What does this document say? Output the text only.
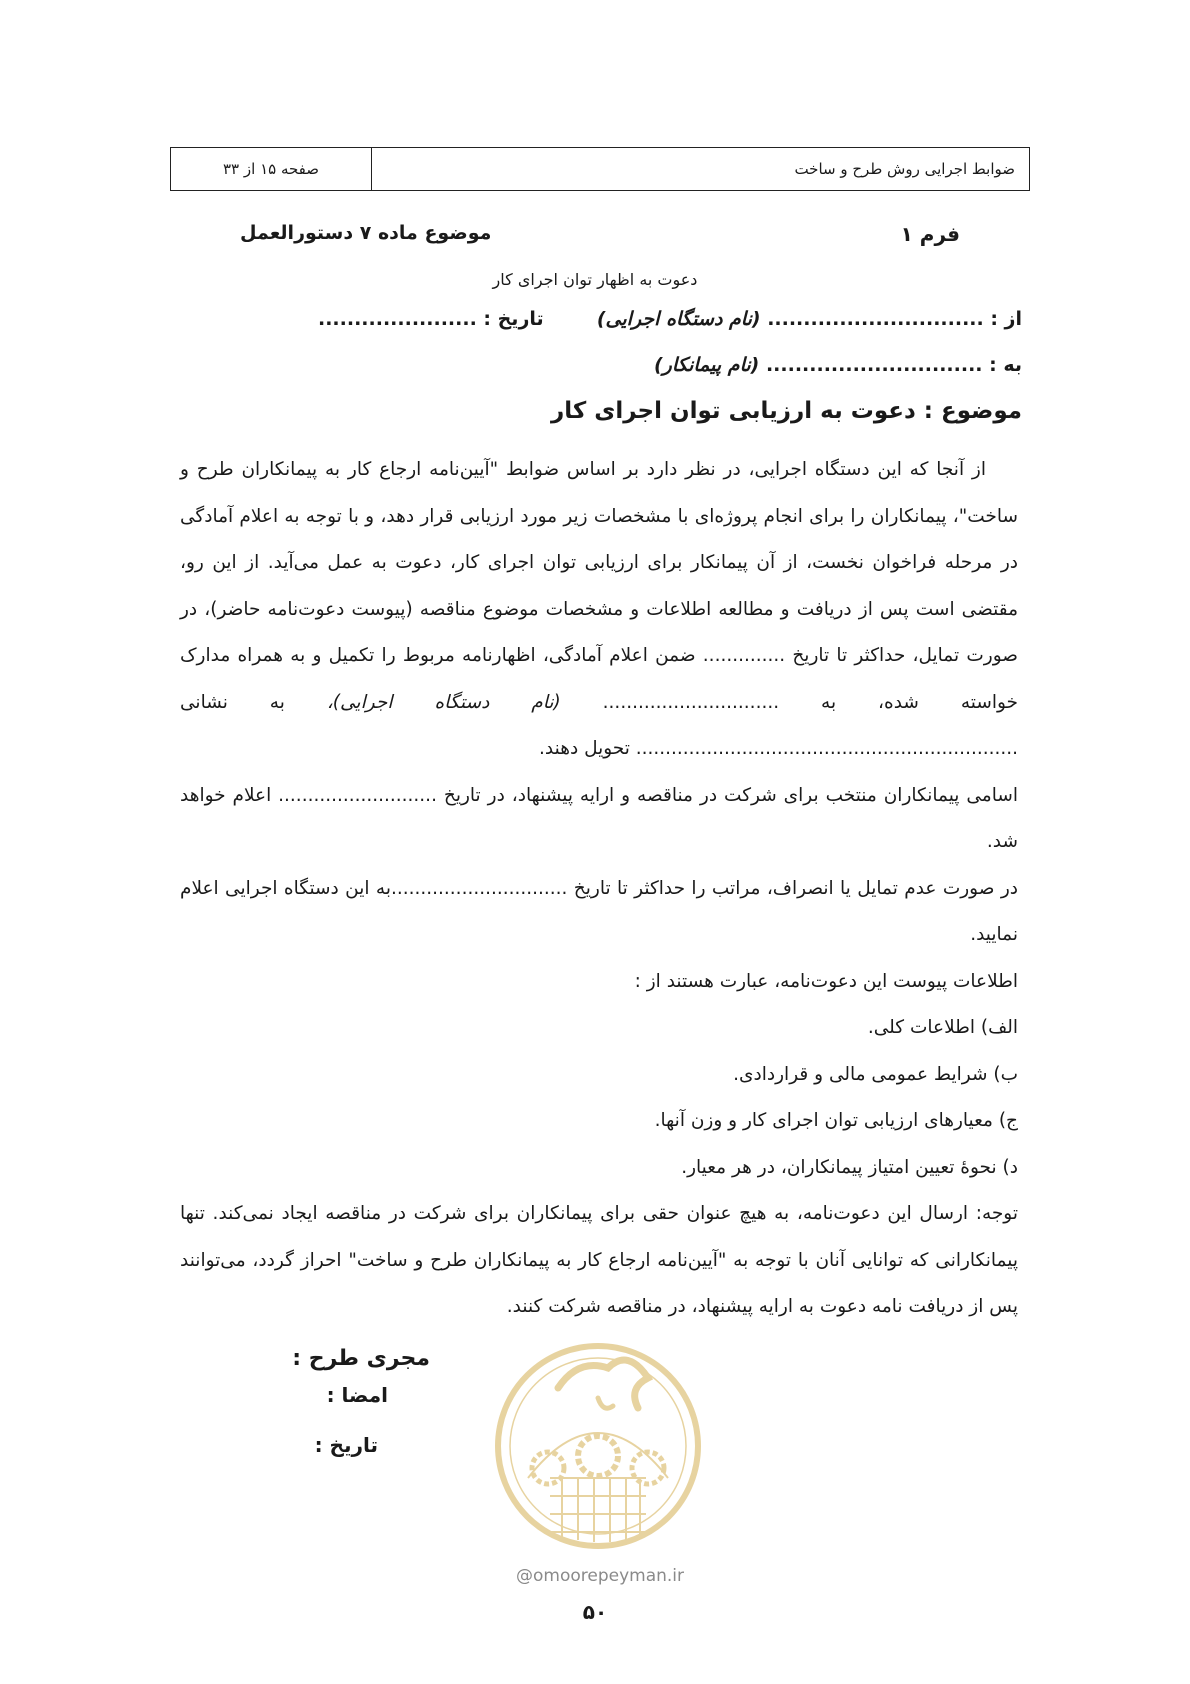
ضوابط اجرایی روش طرح و ساخت
صفحه ۱۵ از ۳۳
فرم ۱
موضوع ماده ۷ دستورالعمل
دعوت به اظهار توان اجرای کار
از : .............................. (نام دستگاه اجرایی)
تاریخ : ......................
به : .............................. (نام پیمانکار)
موضوع : دعوت به ارزیابی توان اجرای کار

از آنجا که این دستگاه اجرایی، در نظر دارد بر اساس ضوابط "آیین‌نامه ارجاع کار به پیمانکاران طرح و ساخت"، پیمانکاران را برای انجام پروژه‌ای با مشخصات زیر مورد ارزیابی قرار دهد، و با توجه به اعلام آمادگی در مرحله فراخوان نخست، از آن پیمانکار برای ارزیابی توان اجرای کار، دعوت به عمل می‌آید. از این رو، مقتضی است پس از دریافت و مطالعه اطلاعات و مشخصات موضوع مناقصه (پیوست دعوت‌نامه حاضر)، در صورت تمایل، حداکثر تا تاریخ .............. ضمن اعلام آمادگی، اظهارنامه مربوط را تکمیل و به همراه مدارک خواسته شده، به .............................. (نام دستگاه اجرایی)، به نشانی ................................................................. تحویل دهند.

اسامی پیمانکاران منتخب برای شرکت در مناقصه و ارایه پیشنهاد، در تاریخ ........................... اعلام خواهد شد.

در صورت عدم تمایل یا انصراف، مراتب را حداکثر تا تاریخ ..............................به این دستگاه اجرایی اعلام نمایید.

اطلاعات پیوست این دعوت‌نامه، عبارت هستند از :

الف) اطلاعات کلی.

ب) شرایط عمومی مالی و قراردادی.

ج) معیارهای ارزیابی توان اجرای کار و وزن آنها.

د) نحوهٔ تعیین امتیاز پیمانکاران، در هر معیار.

توجه: ارسال این دعوت‌نامه، به هیچ عنوان حقی برای پیمانکاران برای شرکت در مناقصه ایجاد نمی‌کند. تنها پیمانکارانی که توانایی آنان با توجه به "آیین‌نامه ارجاع کار به پیمانکاران طرح و ساخت" احراز گردد، می‌توانند پس از دریافت نامه دعوت به ارایه پیشنهاد، در مناقصه شرکت کنند.

مجری طرح :

امضا :

تاریخ :

@omoorepeyman.ir
۵۰
